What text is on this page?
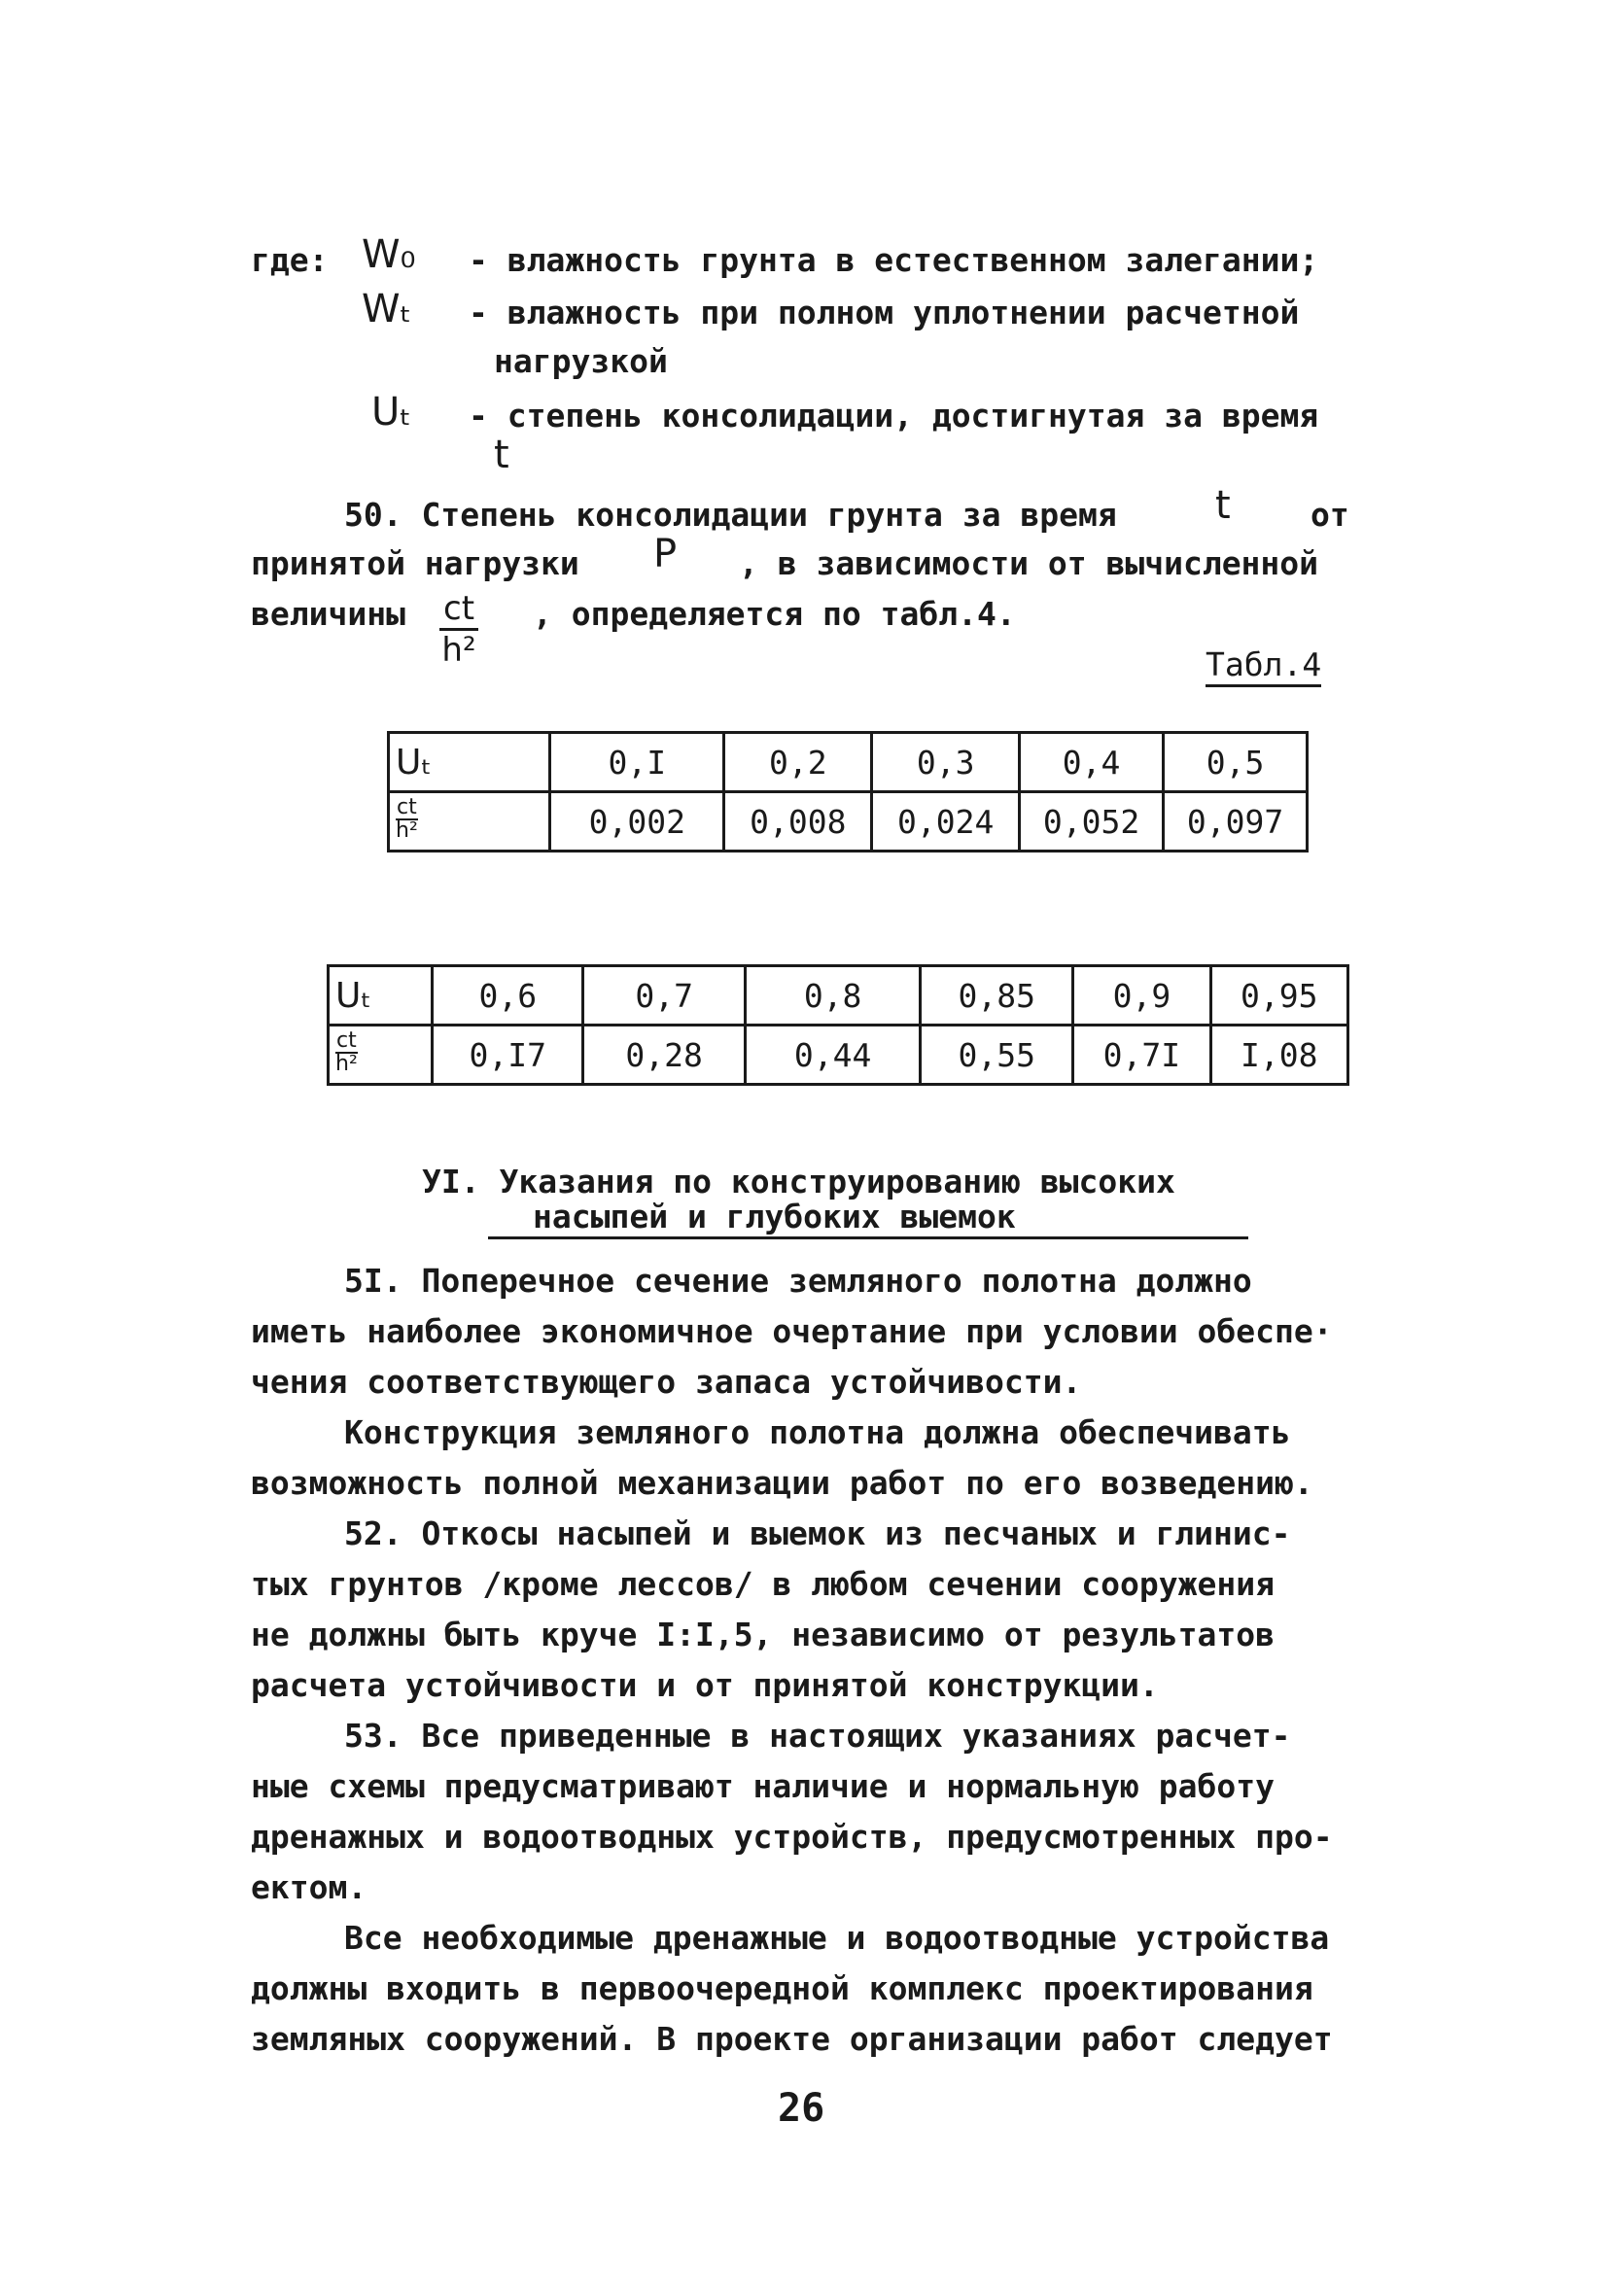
где: W₀ - влажность грунта в естественном залегании;
Wₜ - влажность при полном уплотнении расчетной
нагрузкой
Uₜ - степень консолидации, достигнутая за время
t
50. Степень консолидации грунта за время	t от
принятой нагрузки P , в зависимости от вычисленной
величины $\frac{ct}{\text{h²}}$ , определяется по табл.4.
Табл.4
Uₜ	0,I	0,2	0,3	0,4	0,5

$\frac{ct}{\text{h²}}$	0,002	0,008	0,024	0,052	0,097
Uₜ	0,6	0,7	0,8	0,85	0,9	0,95

$\frac{ct}{\text{h²}}$	0,I7	0,28	0,44	0,55	0,7I	I,08
УI. Указания по конструированию высоких
насыпей и глубоких выемок
5I. Поперечное сечение земляного полотна должно
иметь наиболее экономичное очертание при условии обеспе·
чения соответствующего запаса устойчивости.
Конструкция земляного полотна должна обеспечивать
возможность полной механизации работ по его возведению.
52. Откосы насыпей и выемок из песчаных и глинис-
тых грунтов /кроме лессов/ в любом сечении сооружения
не должны быть круче I:I,5, независимо от результатов
расчета устойчивости и от принятой конструкции.
53. Все приведенные в настоящих указаниях расчет-
ные схемы предусматривают наличие и нормальную работу
дренажных и водоотводных устройств, предусмотренных про-
ектом.
Все необходимые дренажные и водоотводные устройства
должны входить в первоочередной комплекс проектирования
земляных сооружений. В проекте организации работ следует
26
